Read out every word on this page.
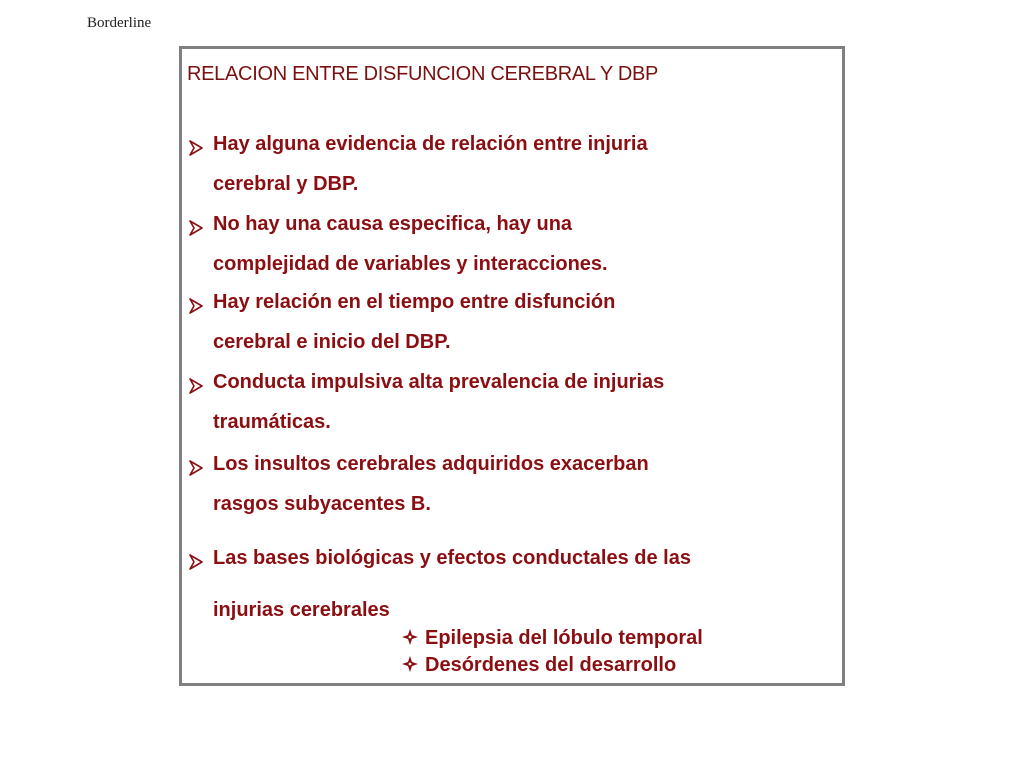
Borderline
RELACION ENTRE DISFUNCION CEREBRAL Y DBP
Hay alguna evidencia de relación entre injuria
cerebral y DBP.
No hay una causa especifica, hay una
complejidad de variables y interacciones.
Hay relación en el tiempo entre disfunción
cerebral e inicio del DBP.
Conducta impulsiva alta prevalencia de injurias
traumáticas.
Los insultos cerebrales adquiridos exacerban
rasgos subyacentes B.
Las bases biológicas y efectos conductales de las
injurias cerebrales
Epilepsia del lóbulo temporal
Desórdenes del desarrollo
